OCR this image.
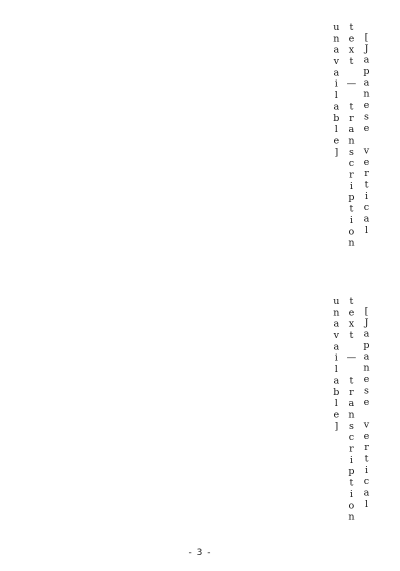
[Japanese vertical text — transcription unavailable]

[Japanese vertical text — transcription unavailable]

- 3 -
